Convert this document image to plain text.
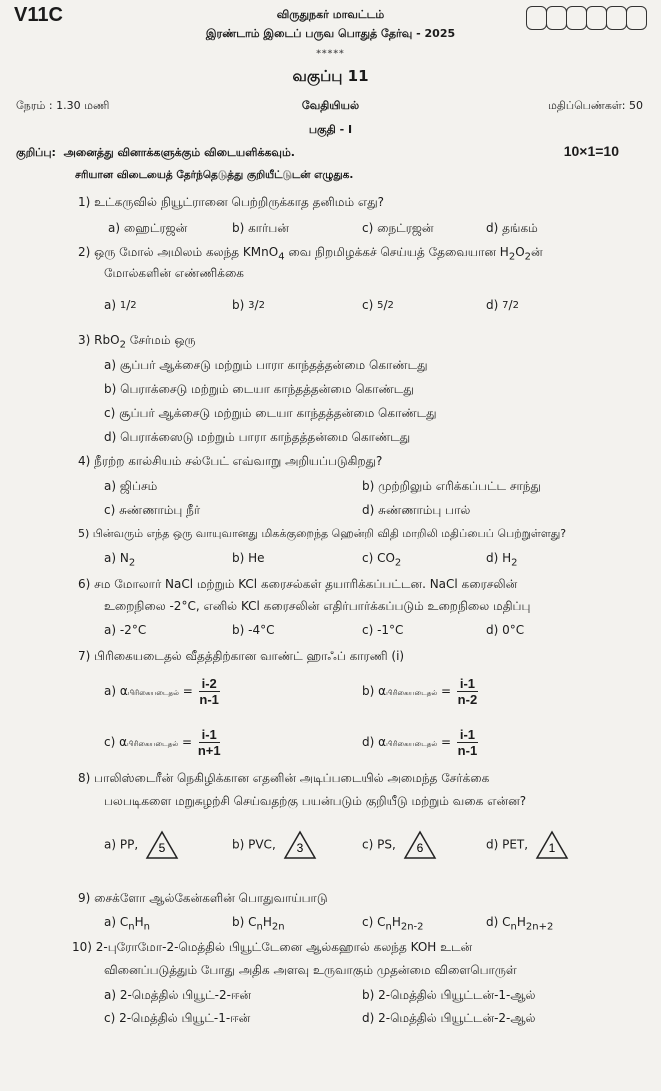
V11C	விருதுநகர் மாவட்டம்
இரண்டாம் இடைப் பருவ பொதுத் தேர்வு - 2025
*****
வகுப்பு 11
நேரம் : 1.30 மணி	வேதியியல்	மதிப்பெண்கள்: 50
பகுதி - I
குறிப்பு: அனைத்து வினாக்களுக்கும் விடையளிக்கவும்.	10×1=10
சரியான விடையைத் தேர்ந்தெடுத்து குறியீட்டுடன் எழுதுக.
1) உட்கருவில் நியூட்ரானை பெற்றிருக்காத தனிமம் எது?
a) ஹைட்ரஜன்	b) கார்பன்	c) நைட்ரஜன்	d) தங்கம்
2) ஒரு மோல் அமிலம் கலந்த KMnO$_4$ வை நிறமிழக்கச் செய்யத் தேவையான $H_2O_2ன்$
மோல்களின் எண்ணிக்கை
a)
1 / 2	b)
3 / 2	c)
5 / 2	d)
7 / 2
3) RbO$_2$ சேர்மம் ஒரு
a) சூப்பர் ஆக்சைடு மற்றும் பாரா காந்தத்தன்மை கொண்டது
b) பெராக்சைடு மற்றும் டையா காந்தத்தன்மை கொண்டது
c) சூப்பர் ஆக்சைடு மற்றும் டையா காந்தத்தன்மை கொண்டது
d) பெராக்ஸைடு மற்றும் பாரா காந்தத்தன்மை கொண்டது
4) நீரற்ற கால்சியம் சல்பேட் எவ்வாறு அறியப்படுகிறது?
a) ஜிப்சம்	b) முற்றிலும் எரிக்கப்பட்ட சாந்து
c) சுண்ணாம்பு நீர்	d) சுண்ணாம்பு பால்
5) பின்வரும் எந்த ஒரு வாயுவானது மிகக்குறைந்த ஹென்றி விதி மாறிலி மதிப்பைப் பெற்றுள்ளது?
a) $N_2$	b) He	c) $CO_2$	d) $H_2$
6) சம மோலார் NaCl மற்றும் KCl கரைசல்கள் தயாரிக்கப்பட்டன. NaCl கரைசலின்
உறைநிலை -2°C, எனில் KCl கரைசலின் எதிர்பார்க்கப்படும் உறைநிலை மதிப்பு
a) -2°C	b) -4°C	c) -1°C	d) 0°C
7) பிரிகையடைதல் வீதத்திற்கான வாண்ட் ஹாஃப் காரணி (i)
a) αபிரிகையடைதல் = $\frac{i-2}{n-1}$	b) αபிரிகையடைதல் = $\frac{i-1}{n-2}$
c) αபிரிகையடைதல் = $\frac{i-1}{n+1}$	d) αபிரிகையடைதல் = $\frac{i-1}{n-1}$
8) பாலிஸ்டைரீன் நெகிழிக்கான எதனின் அடிப்படையில் அமைந்த சேர்க்கை
பலபடிகளை மறுசுழற்சி செய்வதற்கு பயன்படும் குறியீடு மற்றும் வகை என்ன?
a) PP, 5	b) PVC, 3	c) PS, 6	d) PET, 1
9) சைக்ளோ ஆல்கேன்களின் பொதுவாய்பாடு
a) $C_nH_n$	b) $C_nH_{2n}$	c) $C_nH_{2n-2}$	d) $C_nH_{2n+2}$
10) 2-புரோமோ-2-மெத்தில் பியூட்டேனை ஆல்கஹால் கலந்த KOH உடன்
வினைப்படுத்தும் போது அதிக அளவு உருவாகும் முதன்மை விளைபொருள்
a) 2-மெத்தில் பியூட்-2-ஈன்	b) 2-மெத்தில் பியூட்டன்-1-ஆல்
c) 2-மெத்தில் பியூட்-1-ஈன்	d) 2-மெத்தில் பியூட்டன்-2-ஆல்
